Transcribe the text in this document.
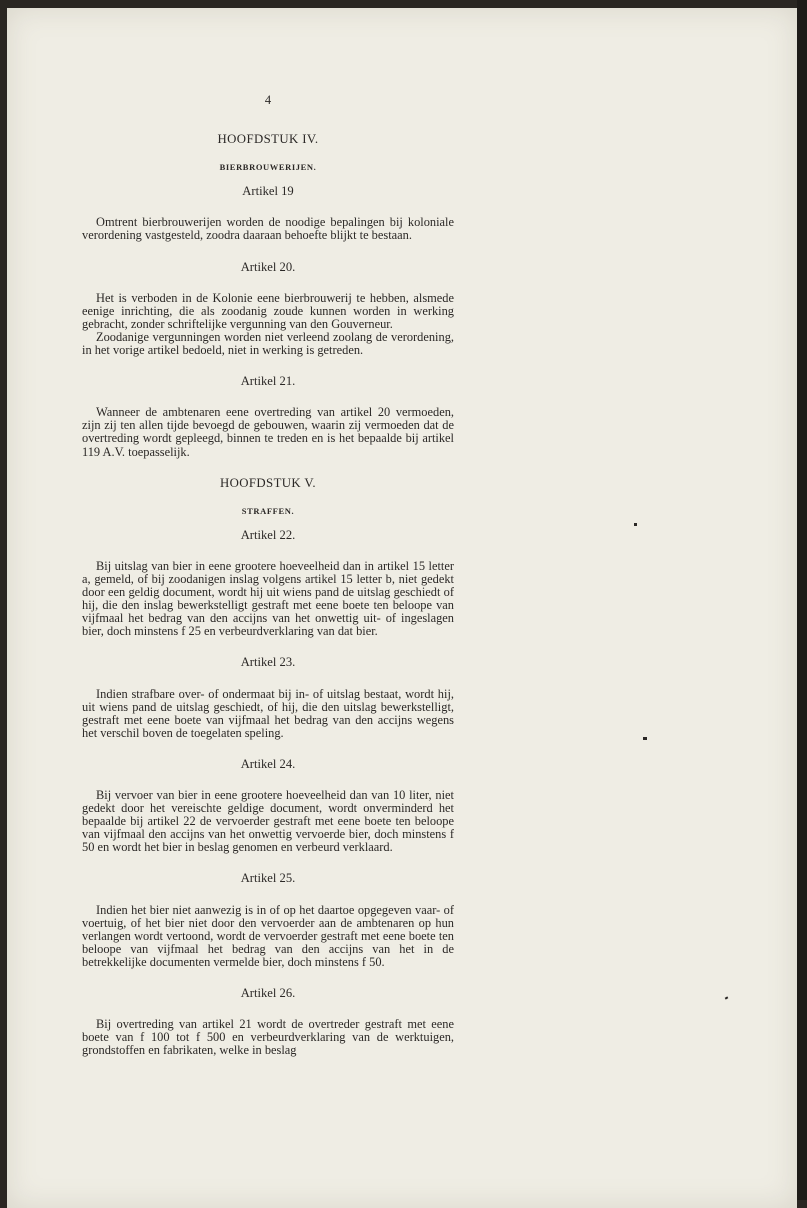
4

HOOFDSTUK IV.

BIERBROUWERIJEN.

Artikel 19

Omtrent bierbrouwerijen worden de noodige bepalingen bij koloniale verordening vastgesteld, zoodra daaraan behoefte blijkt te bestaan.

Artikel 20.

Het is verboden in de Kolonie eene bierbrouwerij te hebben, alsmede eenige inrichting, die als zoodanig zoude kunnen worden in werking gebracht, zonder schriftelijke vergunning van den Gouverneur.

Zoodanige vergunningen worden niet verleend zoolang de verordening, in het vorige artikel bedoeld, niet in werking is getreden.

Artikel 21.

Wanneer de ambtenaren eene overtreding van artikel 20 vermoeden, zijn zij ten allen tijde bevoegd de gebouwen, waarin zij vermoeden dat de overtreding wordt gepleegd, binnen te treden en is het bepaalde bij artikel 119 A.V. toepasselijk.

HOOFDSTUK V.

STRAFFEN.

Artikel 22.

Bij uitslag van bier in eene grootere hoeveelheid dan in artikel 15 letter a, gemeld, of bij zoodanigen inslag volgens artikel 15 letter b, niet gedekt door een geldig document, wordt hij uit wiens pand de uitslag geschiedt of hij, die den inslag bewerkstelligt gestraft met eene boete ten beloope van vijfmaal het bedrag van den accijns van het onwettig uit- of ingeslagen bier, doch minstens f 25 en verbeurdverklaring van dat bier.

Artikel 23.

Indien strafbare over- of ondermaat bij in- of uitslag bestaat, wordt hij, uit wiens pand de uitslag geschiedt, of hij, die den uitslag bewerkstelligt, gestraft met eene boete van vijfmaal het bedrag van den accijns wegens het verschil boven de toegelaten speling.

Artikel 24.

Bij vervoer van bier in eene grootere hoeveelheid dan van 10 liter, niet gedekt door het vereischte geldige document, wordt onverminderd het bepaalde bij artikel 22 de vervoerder gestraft met eene boete ten beloope van vijfmaal den accijns van het onwettig vervoerde bier, doch minstens f 50 en wordt het bier in beslag genomen en verbeurd verklaard.

Artikel 25.

Indien het bier niet aanwezig is in of op het daartoe opgegeven vaar- of voertuig, of het bier niet door den vervoerder aan de ambtenaren op hun verlangen wordt vertoond, wordt de vervoerder gestraft met eene boete ten beloope van vijfmaal het bedrag van den accijns van het in de betrekkelijke documenten vermelde bier, doch minstens f 50.

Artikel 26.

Bij overtreding van artikel 21 wordt de overtreder gestraft met eene boete van f 100 tot f 500 en verbeurdverklaring van de werktuigen, grondstoffen en fabrikaten, welke in beslag
